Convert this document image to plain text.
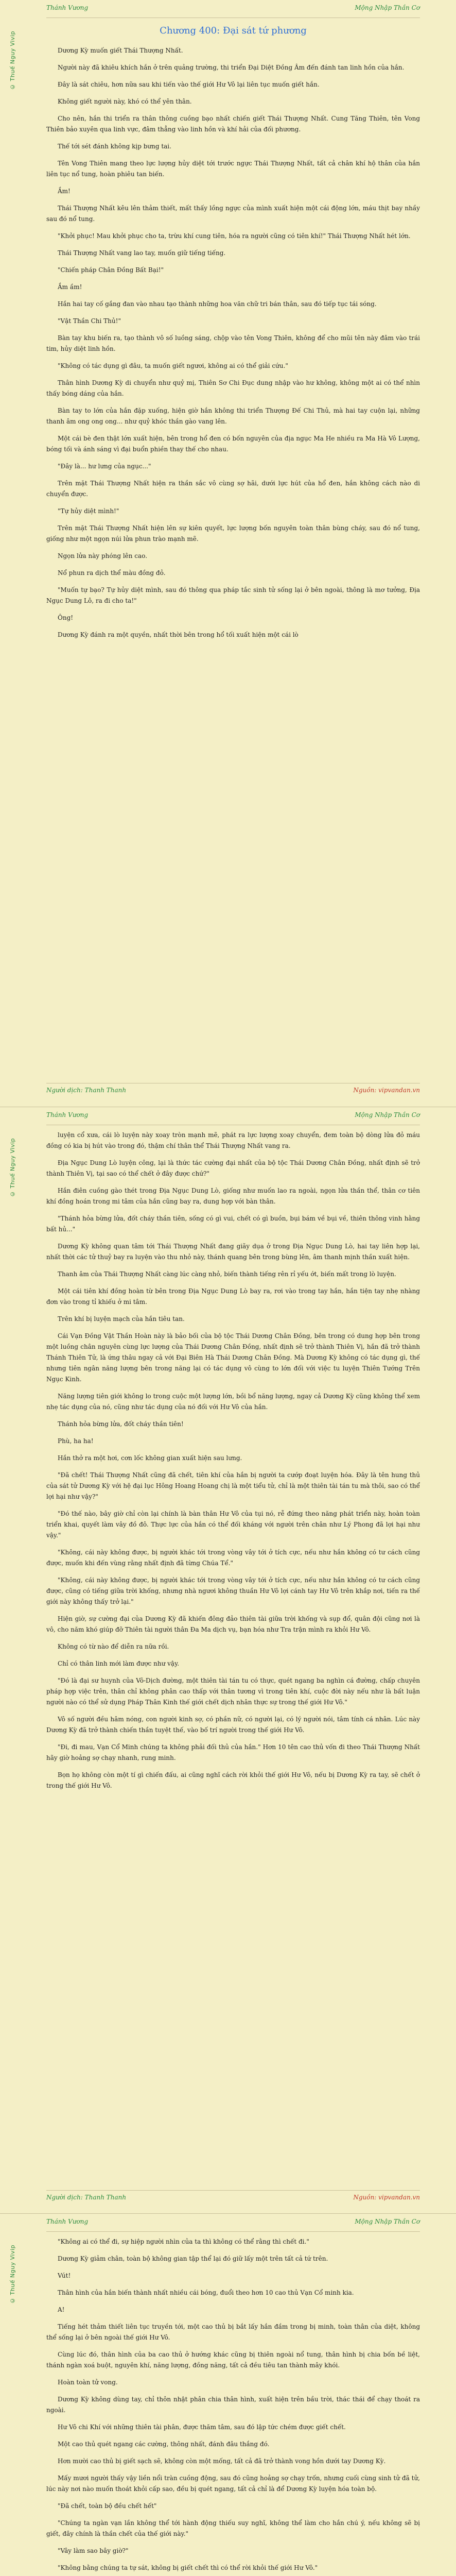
Thánh Vương	Mộng Nhập Thần Cơ
© Thuế Nguy Vivip

Chương 400: Đại sát tứ phương

Dương Kỳ muốn giết Thái Thượng Nhất.

Người này đã khiêu khích hắn ở trên quảng trường, thi triển Đại Diệt Đồng Âm đến đánh tan linh hồn của hắn.

Đây là sát chiêu, hơn nữa sau khi tiến vào thế giới Hư Vô lại liên tục muốn giết hắn.

Không giết người này, khó có thể yên thân.

Cho nên, hắn thi triển ra thân thông cuồng bạo nhất chiến giết Thái Thượng Nhất. Cung Tăng Thiên, tên Vong Thiên bảo xuyên qua linh vực, đâm thẳng vào linh hồn và khí hải của đối phương.

Thế tới sét đánh không kịp bưng tai.

Tên Vong Thiên mang theo lực lượng hủy diệt tới trước ngực Thái Thượng Nhất, tất cả chân khí hộ thân của hắn liên tục nổ tung, hoàn phiêu tan biến.

Ầm!

Thái Thượng Nhất kêu lên thảm thiết, mất thấy lồng ngực của mình xuất hiện một cái động lớn, máu thịt bay nhầy sau đó nổ tung.

"Khởi phục! Mau khởi phục cho ta, trừu khí cung tiên, hóa ra người cũng có tiên khí!" Thái Thượng Nhất hét lớn.

Thái Thượng Nhất vang lao tay, muốn giữ tiếng tiếng.

"Chiến pháp Chân Đồng Bất Bại!"

Ầm ầm!

Hắn hai tay cố gắng đan vào nhau tạo thành những hoa văn chữ tri bán thân, sau đó tiếp tục tái sóng.

"Vật Thần Chi Thủ!"

Bàn tay khu biến ra, tạo thành vô số luồng sáng, chộp vào tên Vong Thiên, không để cho mũi tên này đâm vào trái tim, hủy diệt linh hồn.

"Không có tác dụng gì đâu, ta muốn giết ngươi, không ai có thể giải cứu."

Thân hình Dương Kỳ di chuyển như quỷ mị, Thiên Sơ Chi Đục dung nhập vào hư không, không một ai có thể nhìn thấy bóng dáng của hắn.

Bàn tay to lớn của hắn đặp xuống, hiện giờ hắn không thi triển Thượng Đế Chi Thủ, mà hai tay cuộn lại, những thanh âm ong ong ong... như quỷ khóc thần gào vang lên.

Một cái bè đen thật lớn xuất hiện, bên trong hổ đen có bốn nguyên của địa ngục Ma He nhiều ra Ma Hà Vô Lượng, bóng tối và ánh sáng vì đại buổn phiền thay thế cho nhau.

"Đây là... hư lưng của ngục..."

Trên mặt Thái Thượng Nhất hiện ra thần sắc vô cùng sợ hãi, dưới lực hút của hổ đen, hắn không cách nào di chuyển được.

"Tự hủy diệt mình!"

Trên mặt Thái Thượng Nhất hiện lên sự kiên quyết, lực lượng bốn nguyên toàn thân bùng cháy, sau đó nổ tung, giống như một ngọn núi lửa phun trào mạnh mẽ.

Ngọn lửa này phóng lên cao.

Nổ phun ra dịch thể màu đồng đỏ.

"Muốn tự bạo? Tự hủy diệt mình, sau đó thông qua pháp tắc sinh tử sống lại ở bên ngoài, thông là mơ tưởng, Địa Ngục Dung Lô, ra đi cho ta!"

Ông!

Dương Kỳ đánh ra một quyền, nhất thời bên trong hổ tối xuất hiện một cái lò

Người dịch: Thanh Thanh	Nguồn: vipvandan.vn
Thánh Vương	Mộng Nhập Thần Cơ
© Thuế Nguy Vivip

luyện cổ xưa, cái lò luyện này xoay tròn mạnh mẽ, phát ra lực lượng xoay chuyển, đem toàn bộ dòng lửa đỏ máu đồng có kia bị hút vào trong đó, thậm chí thân thể Thái Thượng Nhất vang ra.

Địa Ngục Dung Lò luyện công, lại là thức tác cường đại nhất của bộ tộc Thái Dương Chân Đồng, nhất định sẽ trở thành Thiên Vị, tại sao có thể chết ở đây được chứ?"

Hắn điên cuồng gào thét trong Địa Ngục Dung Lò, giống như muốn lao ra ngoài, ngọn lửa thần thể, thân cơ tiên khí đồng hoán trong mi tâm của hắn cũng bay ra, dung hợp với bàn thân.

"Thánh hỏa bừng lửa, đốt cháy thần tiên, sống có gì vui, chết có gì buồn, bụi bám về bụi về, thiên thông vinh hằng bất hủ..."

Dương Kỳ không quan tâm tới Thái Thượng Nhất đang giãy dụa ở trong Địa Ngục Dung Lò, hai tay liên hợp lại, nhất thời các tử thuỷ bay ra luyện vào thu nhỏ này, thánh quang bên trong bùng lên, âm thanh mịnh thần xuất hiện.

Thanh âm của Thái Thượng Nhất càng lúc càng nhỏ, biến thành tiếng rên rỉ yếu ớt, biến mất trong lò luyện.

Một cái tiên khí đồng hoàn từ bên trong Địa Ngục Dung Lò bay ra, rơi vào trong tay hắn, hắn tiện tay nhẹ nhàng đơn vào trong tỉ khiếu ở mi tâm.

Trên khí bị luyện mạch của hắn tiêu tan.

Cái Vạn Đồng Vật Thần Hoàn này là bảo bối của bộ tộc Thái Dương Chân Đồng, bên trong có dung hợp bên trong một luồng chân nguyên cùng lực lượng của Thái Dương Chân Đồng, nhất định sẽ trở thành Thiên Vị, hắn đã trở thành Thánh Thiên Tử, là ứng thâu ngay cả với Đại Biên Hà Thái Dương Chân Đồng. Mà Dương Kỳ không có tác dụng gì, thế nhưng tiên ngân năng lượng bên trong năng lại có tác dụng vô cùng to lớn đối với việc tu luyện Thiên Tướng Trên Ngục Kinh.

Năng lượng tiên giới không lo trong cuộc một lượng lớn, bồi bổ năng lượng, ngay cả Dương Kỳ cũng không thể xem nhẹ tác dụng của nó, cũng như tác dụng của nó đối với Hư Vô của hắn.

Thánh hỏa bừng lửa, đốt cháy thần tiên!

Phù, ha ha!

Hắn thở ra một hơi, cơn lốc không gian xuất hiện sau lưng.

"Đã chết! Thái Thượng Nhất cũng đã chết, tiên khí của hắn bị người ta cướp đoạt luyện hóa. Đây là tên hung thủ của sát tử Dương Kỳ với hệ đại lục Hông Hoang Hoang chị là một tiểu tử, chỉ là một thiên tài tán tu mà thôi, sao có thể lợi hại như vậy?"

"Đó thế nào, bây giờ chỉ còn lại chính là bàn thân Hư Vô của tụi nó, rễ đứng theo năng phát triển này, hoàn toàn triển khai, quyết làm vây đồ đô. Thực lực của hắn có thể đối kháng với người trên chân như Lý Phong đã lợi hại như vậy."

"Không, cái này không được, bị người khác tới trong vòng vây tới ở tích cực, nếu như hắn không có tư cách cũng được, muốn khi đến vùng rằng nhất định đã từng Chúa Tể."

"Không, cái này không được, bị người khác tới trong vòng vây tới ở tích cực, nếu như hắn không có tư cách cũng được, cũng có tiếng giữa trời khống, nhưng nhà ngươi không thuần Hư Vô lợi cánh tay Hư Vô trên khắp nơi, tiến ra thế giới này không thấy trở lại."

Hiện giờ, sự cường đại của Dương Kỳ đã khiến đông đảo thiên tài giữa trời khống và sụp đổ, quân đội cũng nơi là vô, cho năm khó giúp đỡ Thiên tài người thân Đa Ma dịch vụ, bạn hóa như Tra trận mình ra khỏi Hư Vô.

Không có từ nào để diễn ra nữa rồi.

Chỉ có thân linh mới làm được như vậy.

"Đó là đại sư huynh của Võ-Dịch đường, một thiên tài tán tu có thực, quét ngang ba nghìn cá đường, chấp chuyên pháp hợp việc trên, thân chỉ không phân cao thấp với thân tương vì trong tiên khí, cuộc đời này nếu như là bất luận người nào có thể sử dụng Pháp Thân Kinh thế giới chết dịch nhân thực sự trong thế giới Hư Vô."

Vô số người đều hâm nóng, con người kinh sợ, có phần nữ, có người lại, có lý người nói, tâm tính cá nhân. Lúc này Dương Kỳ đã trở thành chiến thần tuyệt thế, vào bố trí người trong thế giới Hư Vô.

"Đi, đi mau, Vạn Cổ Minh chúng ta không phải đối thủ của hắn." Hơn 10 tên cao thủ vốn đi theo Thái Thượng Nhất hãy giờ hoảng sợ chạy nhanh, rung minh.

Bọn họ không còn một tí gì chiến đấu, ai cũng nghĩ cách rời khỏi thế giới Hư Vô, nếu bị Dương Kỳ ra tay, sẽ chết ở trong thế giới Hư Vô.

Người dịch: Thanh Thanh	Nguồn: vipvandan.vn
Thánh Vương	Mộng Nhập Thần Cơ
© Thuế Nguy Vivip

"Không ai có thể đi, sự hiệp người nhìn của ta thì không có thể rằng thì chết đi."

Dương Kỳ giảm chân, toàn bộ không gian tập thể lại đó giữ lấy một trên tất cả tứ trên.

Vút!

Thân hình của hắn biến thành nhất nhiều cái bóng, đuổi theo hơn 10 cao thủ Vạn Cổ minh kia.

A!

Tiếng hét thảm thiết liên tục truyền tới, một cao thủ bị bắt lấy hắn đầm trong bị minh, toàn thân của diệt, không thể sống lại ở bên ngoài thế giới Hư Vô.

Cùng lúc đó, thân hình của ba cao thủ ở hướng khác cũng bị thiên ngoài nổ tung, thân hình bị chia bốn bề liệt, thánh ngàn xoá buột, nguyên khí, năng lượng, đồng năng, tất cả đều tiêu tan thành mây khói.

Hoàn toàn tử vong.

Dương Kỳ không dùng tay, chỉ thôn nhật phân chia thân hình, xuất hiện trên bầu trời, thác thái để chạy thoát ra ngoài.

Hư Vô chi Khí với những thiên tài phân, được thăm tâm, sau đó lập tức chém được giết chết.

Một cao thủ quét ngang các cường, thông nhất, đánh đâu thắng đó.

Hơn mười cao thủ bị giết sạch sẽ, không còn một mống, tất cả đã trở thành vong hồn dưới tay Dương Kỳ.

Mấy mươi người thấy vậy liền nổi tràn cuồng động, sau đó cũng hoảng sợ chạy trốn, nhưng cuối cùng sinh tử đã tử, lúc này nơi nào muốn thoát khỏi cấp sao, đều bị quét ngang, tất cả chỉ là để Dương Kỳ luyện hóa toàn bộ.

"Đã chết, toàn bộ đều chết hết"

"Chúng ta ngàn vạn lần không thể tới hành động thiếu suy nghĩ, không thể làm cho hắn chú ý, nếu không sẽ bị giết, đây chính là thần chết của thế giới này."

"Vây làm sao bây giờ?"

"Không bằng chúng ta tự sát, không bị giết chết thì có thể rời khỏi thế giới Hư Vô."
